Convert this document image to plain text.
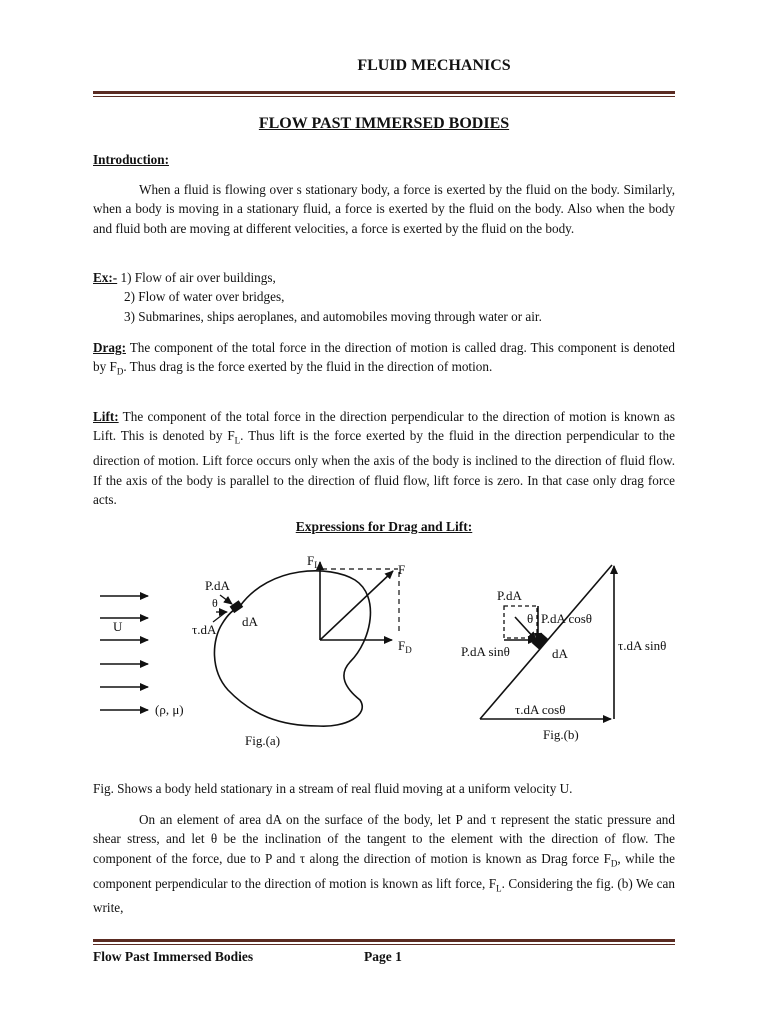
FLUID MECHANICS
FLOW PAST IMMERSED BODIES
Introduction:
When a fluid is flowing over s stationary body, a force is exerted by the fluid on the body. Similarly, when a body is moving in a stationary fluid, a force is exerted by the fluid on the body. Also when the body and fluid both are moving at different velocities, a force is exerted by the fluid on the body.
Ex:- 1) Flow of air over buildings,
2) Flow of water over bridges,
3) Submarines, ships aeroplanes, and automobiles moving through water or air.
Drag: The component of the total force in the direction of motion is called drag. This component is denoted by $F_D$. Thus drag is the force exerted by the fluid in the direction of motion.
Lift: The component of the total force in the direction perpendicular to the direction of motion is known as Lift. This is denoted by $F_L$. Thus lift is the force exerted by the fluid in the direction perpendicular to the direction of motion. Lift force occurs only when the axis of the body is inclined to the direction of fluid flow. If the axis of the body is parallel to the direction of fluid flow, lift force is zero. In that case only drag force acts.
Expressions for Drag and Lift:
U
(ρ, μ)
P.dA
θ
τ.dA
dA
$F_L$	F
$F_D$
Fig.(a)
P.dA
θ P.dA cosθ
P.dA sinθ	dA
τ.dA sinθ
τ.dA cosθ
Fig.(b)
Fig. Shows a body held stationary in a stream of real fluid moving at a uniform velocity U.
On an element of area dA on the surface of the body, let P and τ represent the static pressure and shear stress, and let θ be the inclination of the tangent to the element with the direction of flow. The component of the force, due to P and τ along the direction of motion is known as Drag force $F_D$, while the component perpendicular to the direction of motion is known as lift force, $F_L$. Considering the fig. (b) We can write,
Flow Past Immersed Bodies	Page 1
